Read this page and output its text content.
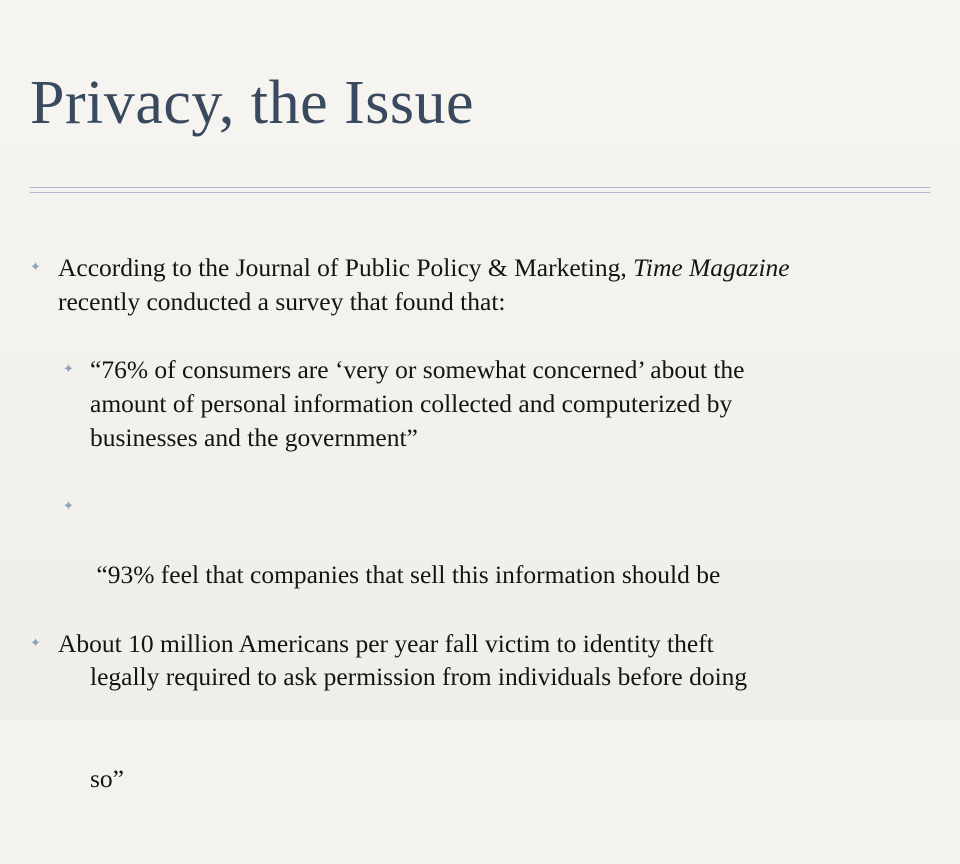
Privacy, the Issue
✦ According to the Journal of Public Policy & Marketing, Time Magazine
recently conducted a survey that found that:
✦ “76% of consumers are ‘very or somewhat concerned’ about the
amount of personal information collected and computerized by
businesses and the government”
✦

“93% feel that companies that sell this information should be

legally required to ask permission from individuals before doing

so”

✦ About 10 million Americans per year fall victim to identity theft
